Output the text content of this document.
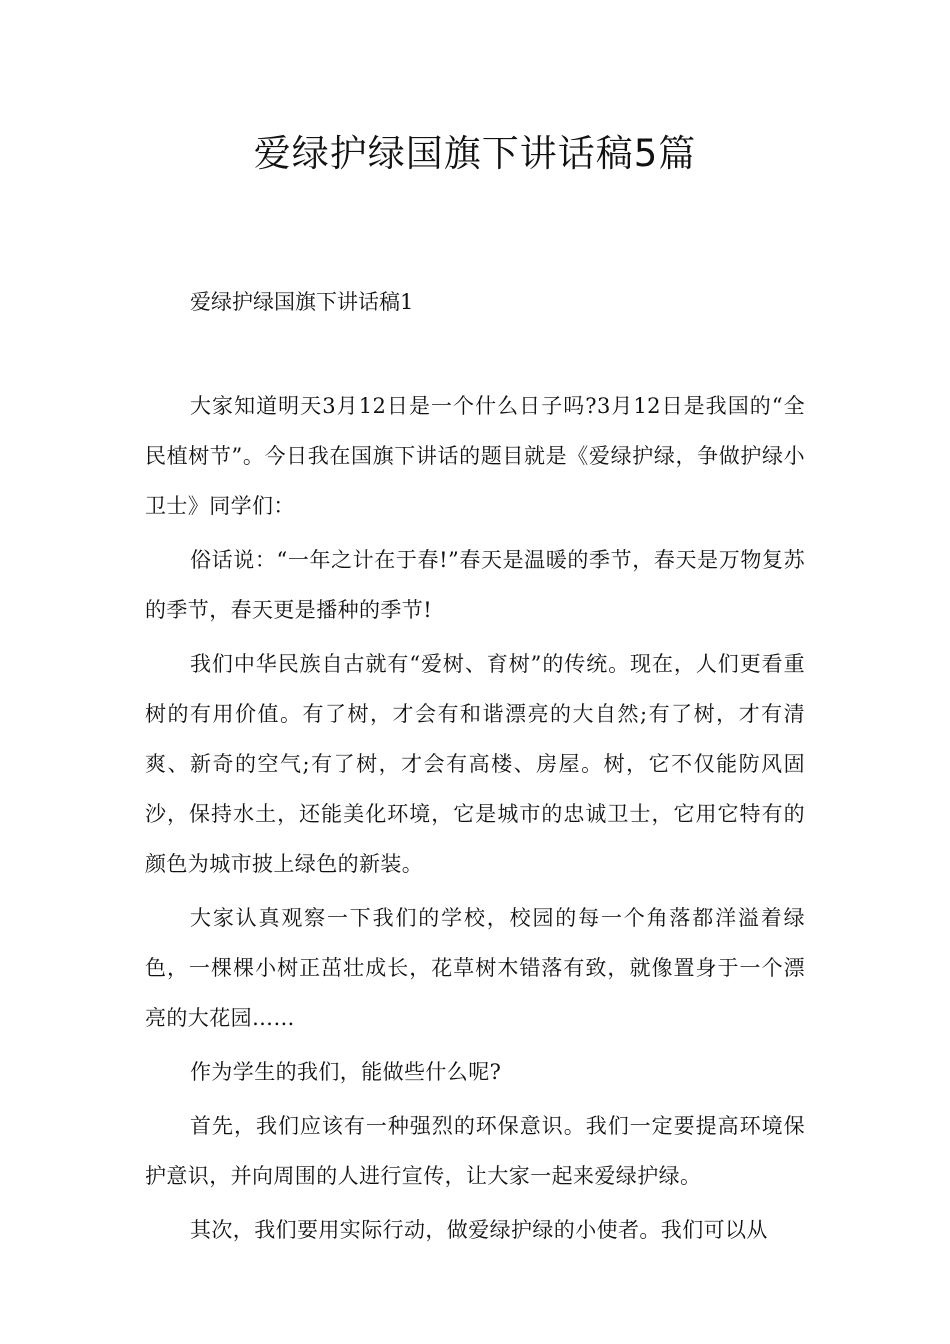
爱绿护绿国旗下讲话稿5篇

爱绿护绿国旗下讲话稿1

大家知道明天3月12日是一个什么日子吗?3月12日是我国的“全民植树节”。今日我在国旗下讲话的题目就是《爱绿护绿，争做护绿小卫士》同学们：

俗话说：“一年之计在于春!”春天是温暖的季节，春天是万物复苏的季节，春天更是播种的季节!

我们中华民族自古就有“爱树、育树”的传统。现在，人们更看重树的有用价值。有了树，才会有和谐漂亮的大自然;有了树，才有清爽、新奇的空气;有了树，才会有高楼、房屋。树，它不仅能防风固沙，保持水土，还能美化环境，它是城市的忠诚卫士，它用它特有的颜色为城市披上绿色的新装。

大家认真观察一下我们的学校，校园的每一个角落都洋溢着绿色，一棵棵小树正茁壮成长，花草树木错落有致，就像置身于一个漂亮的大花园……

作为学生的我们，能做些什么呢?

首先，我们应该有一种强烈的环保意识。我们一定要提高环境保护意识，并向周围的人进行宣传，让大家一起来爱绿护绿。

其次，我们要用实际行动，做爱绿护绿的小使者。我们可以从
